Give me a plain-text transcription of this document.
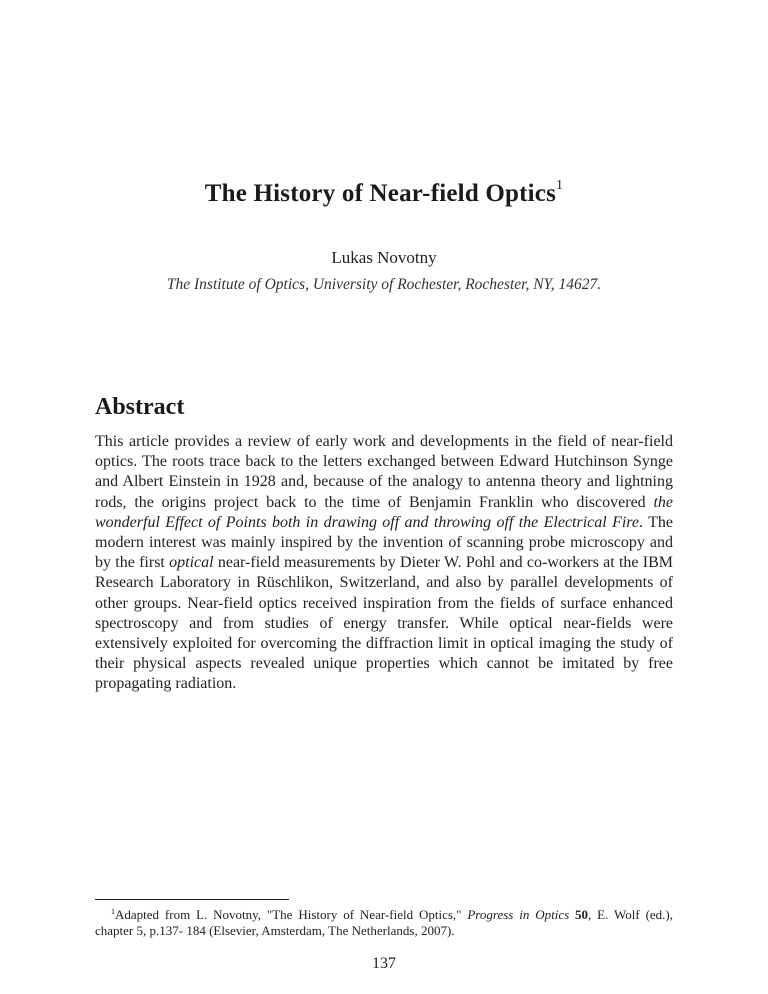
The History of Near-field Optics$^1$
Lukas Novotny
The Institute of Optics, University of Rochester, Rochester, NY, 14627.
Abstract
This article provides a review of early work and developments in the field of near-field optics. The roots trace back to the letters exchanged between Edward Hutchinson Synge and Albert Einstein in 1928 and, because of the analogy to antenna theory and lightning rods, the origins project back to the time of Benjamin Franklin who discovered the wonderful Effect of Points both in drawing off and throwing off the Electrical Fire. The modern interest was mainly inspired by the invention of scanning probe microscopy and by the first optical near-field measurements by Dieter W. Pohl and co-workers at the IBM Research Laboratory in Rüschlikon, Switzerland, and also by parallel developments of other groups. Near-field optics received inspiration from the fields of surface enhanced spectroscopy and from studies of energy transfer. While optical near-fields were extensively exploited for overcoming the diffraction limit in optical imaging the study of their physical aspects revealed unique properties which cannot be imitated by free propagating radiation.
$^1$Adapted from L. Novotny, "The History of Near-field Optics," Progress in Optics 50, E. Wolf (ed.), chapter 5, p.137- 184 (Elsevier, Amsterdam, The Netherlands, 2007).
137
